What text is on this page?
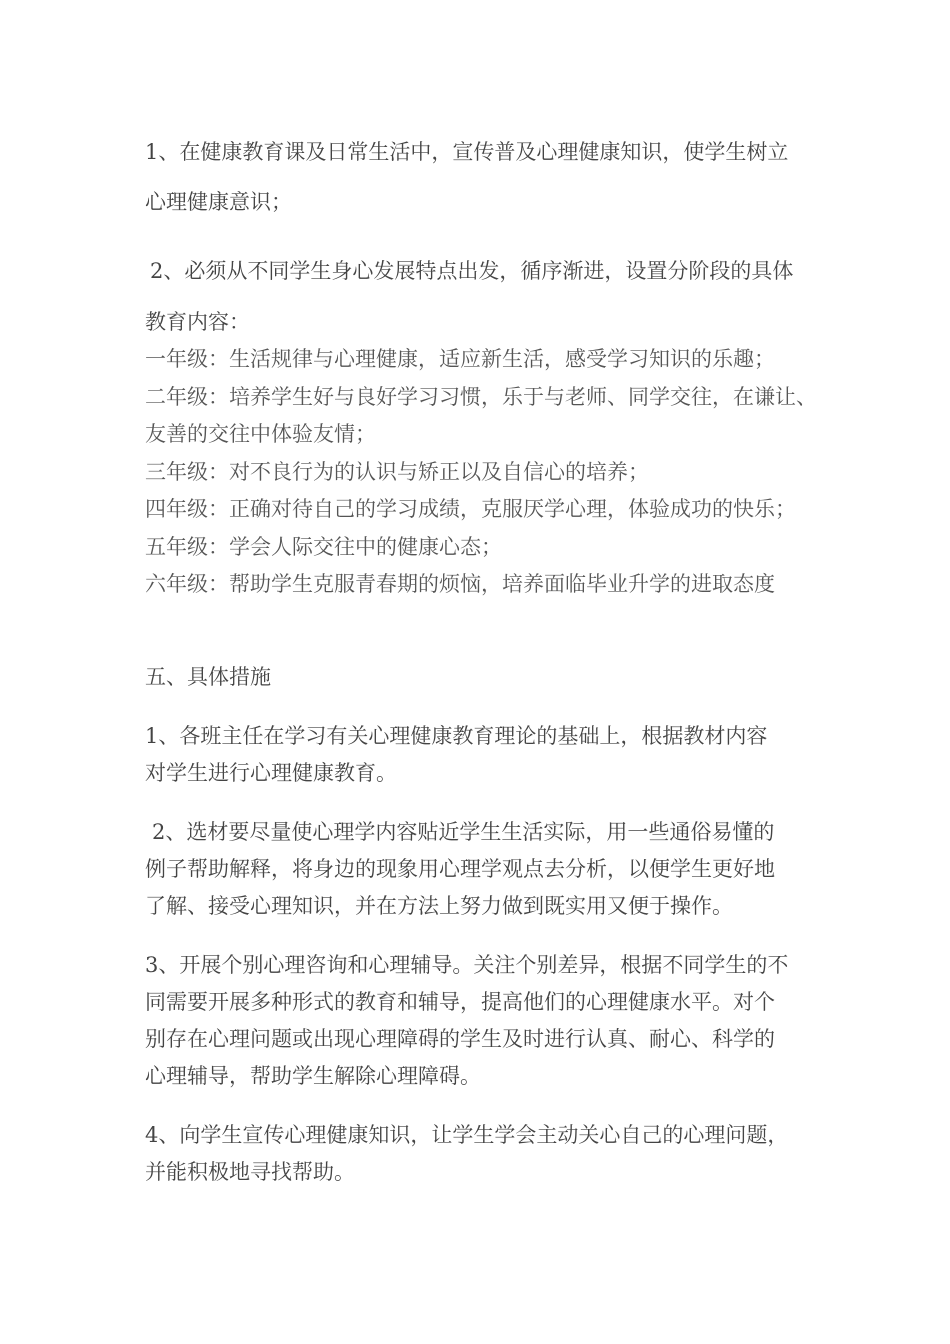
1、在健康教育课及日常生活中，宣传普及心理健康知识，使学生树立
心理健康意识；
2、必须从不同学生身心发展特点出发，循序渐进，设置分阶段的具体
教育内容：
一年级：生活规律与心理健康，适应新生活，感受学习知识的乐趣；
二年级：培养学生好与良好学习习惯，乐于与老师、同学交往，在谦让、
友善的交往中体验友情；
三年级：对不良行为的认识与矫正以及自信心的培养；
四年级：正确对待自己的学习成绩，克服厌学心理，体验成功的快乐；
五年级：学会人际交往中的健康心态；
六年级：帮助学生克服青春期的烦恼，培养面临毕业升学的进取态度
五、具体措施
1、各班主任在学习有关心理健康教育理论的基础上，根据教材内容
对学生进行心理健康教育。
2、选材要尽量使心理学内容贴近学生生活实际，用一些通俗易懂的
例子帮助解释，将身边的现象用心理学观点去分析，以便学生更好地
了解、接受心理知识，并在方法上努力做到既实用又便于操作。
3、开展个别心理咨询和心理辅导。关注个别差异，根据不同学生的不
同需要开展多种形式的教育和辅导，提高他们的心理健康水平。对个
别存在心理问题或出现心理障碍的学生及时进行认真、耐心、科学的
心理辅导，帮助学生解除心理障碍。
4、向学生宣传心理健康知识，让学生学会主动关心自己的心理问题，
并能积极地寻找帮助。
